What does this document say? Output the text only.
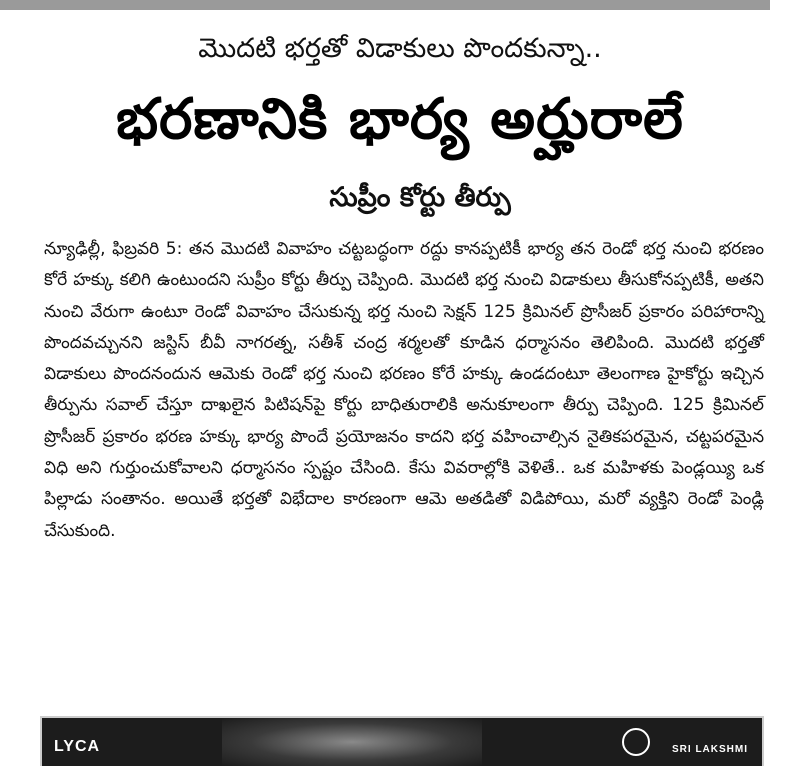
మొదటి భర్తతో విడాకులు పొందకున్నా..
భరణానికి భార్య అర్హురాలే
సుప్రీం కోర్టు తీర్పు

న్యూఢిల్లీ, ఫిబ్రవరి 5: తన మొదటి వివాహం చట్టబద్ధంగా రద్దు కానప్పటికీ భార్య తన రెండో భర్త నుంచి భరణం కోరే హక్కు కలిగి ఉంటుందని సుప్రీం కోర్టు తీర్పు చెప్పింది. మొదటి భర్త నుంచి విడాకులు తీసుకోనప్పటికీ, అతని నుంచి వేరుగా ఉంటూ రెండో వివాహం చేసుకున్న భర్త నుంచి సెక్షన్ 125 క్రిమినల్ ప్రొసీజర్ ప్రకారం పరిహారాన్ని పొందవచ్చునని జస్టిస్ బీవీ నాగరత్న, సతీశ్ చంద్ర శర్మలతో కూడిన ధర్మాసనం తెలిపింది. మొదటి భర్తతో విడాకులు పొందనందున ఆమెకు రెండో భర్త నుంచి భరణం కోరే హక్కు ఉండదంటూ తెలంగాణ హైకోర్టు ఇచ్చిన తీర్పును సవాల్ చేస్తూ దాఖలైన పిటిషన్‌పై కోర్టు బాధితురాలికి అనుకూలంగా తీర్పు చెప్పింది. 125 క్రిమినల్ ప్రొసీజర్ ప్రకారం భరణ హక్కు భార్య పొందే ప్రయోజనం కాదని భర్త వహించాల్సిన నైతికపరమైన, చట్టపరమైన విధి అని గుర్తుంచుకోవాలని ధర్మాసనం స్పష్టం చేసింది. కేసు వివరాల్లోకి వెళితే.. ఒక మహిళకు పెండ్లయ్యి ఒక పిల్లాడు సంతానం. అయితే భర్తతో విభేదాల కారణంగా ఆమె అతడితో విడిపోయి, మరో వ్యక్తిని రెండో పెండ్లి చేసుకుంది.

LYCA	SRI LAKSHMI
